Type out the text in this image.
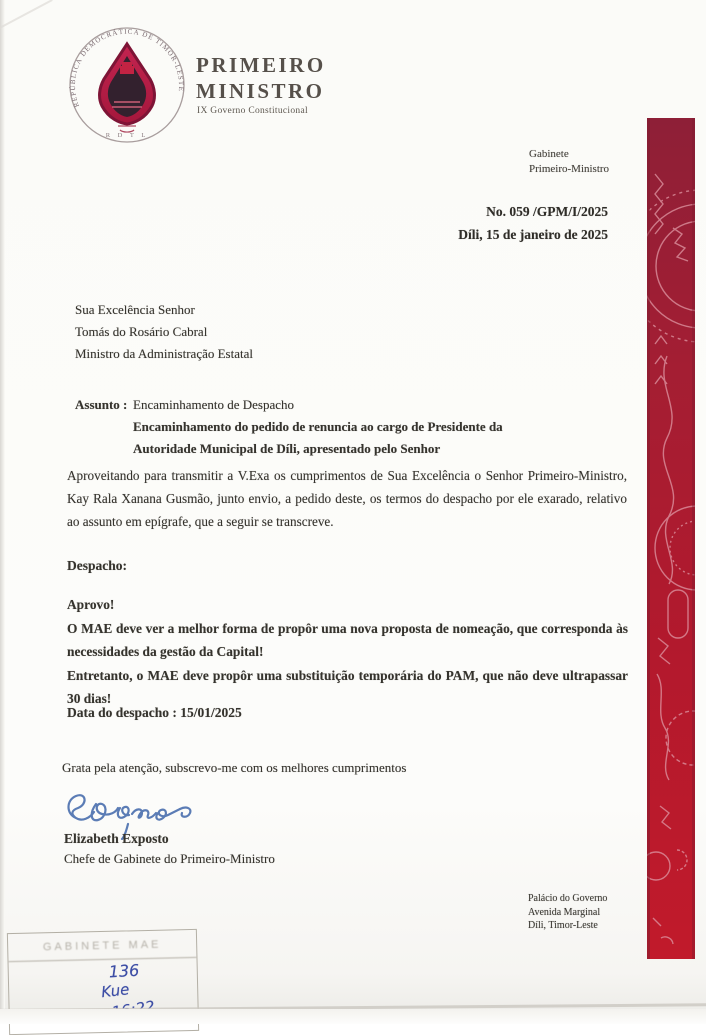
REPÚBLICA DEMOCRÁTICA DE TIMOR-LESTE
R D T L
PRIMEIRO
MINISTRO
IX Governo Constitucional
Gabinete
Primeiro-Ministro
No. 059 /GPM/I/2025
Díli, 15 de janeiro de 2025
Sua Excelência Senhor
Tomás do Rosário Cabral
Ministro da Administração Estatal
Assunto : Encaminhamento de Despacho
Encaminhamento do pedido de renuncia ao cargo de Presidente da
Autoridade Municipal de Díli, apresentado pelo Senhor
Aproveitando para transmitir a V.Exa os cumprimentos de Sua Excelência o Senhor Primeiro-Ministro, Kay Rala Xanana Gusmão, junto envio, a pedido deste, os termos do despacho por ele exarado, relativo ao assunto em epígrafe, que a seguir se transcreve.
Despacho:

Aprovo!

O MAE deve ver a melhor forma de propôr uma nova proposta de nomeação, que corresponda às necessidades da gestão da Capital!

Entretanto, o MAE deve propôr uma substituição temporária do PAM, que não deve ultrapassar 30 dias!

Data do despacho : 15/01/2025
Grata pela atenção, subscrevo-me com os melhores cumprimentos
Elizabeth Exposto
Chefe de Gabinete do Primeiro-Ministro
Palácio do Governo
Avenida Marginal
Díli, Timor-Leste
GABINETE MAE
136
Kue
